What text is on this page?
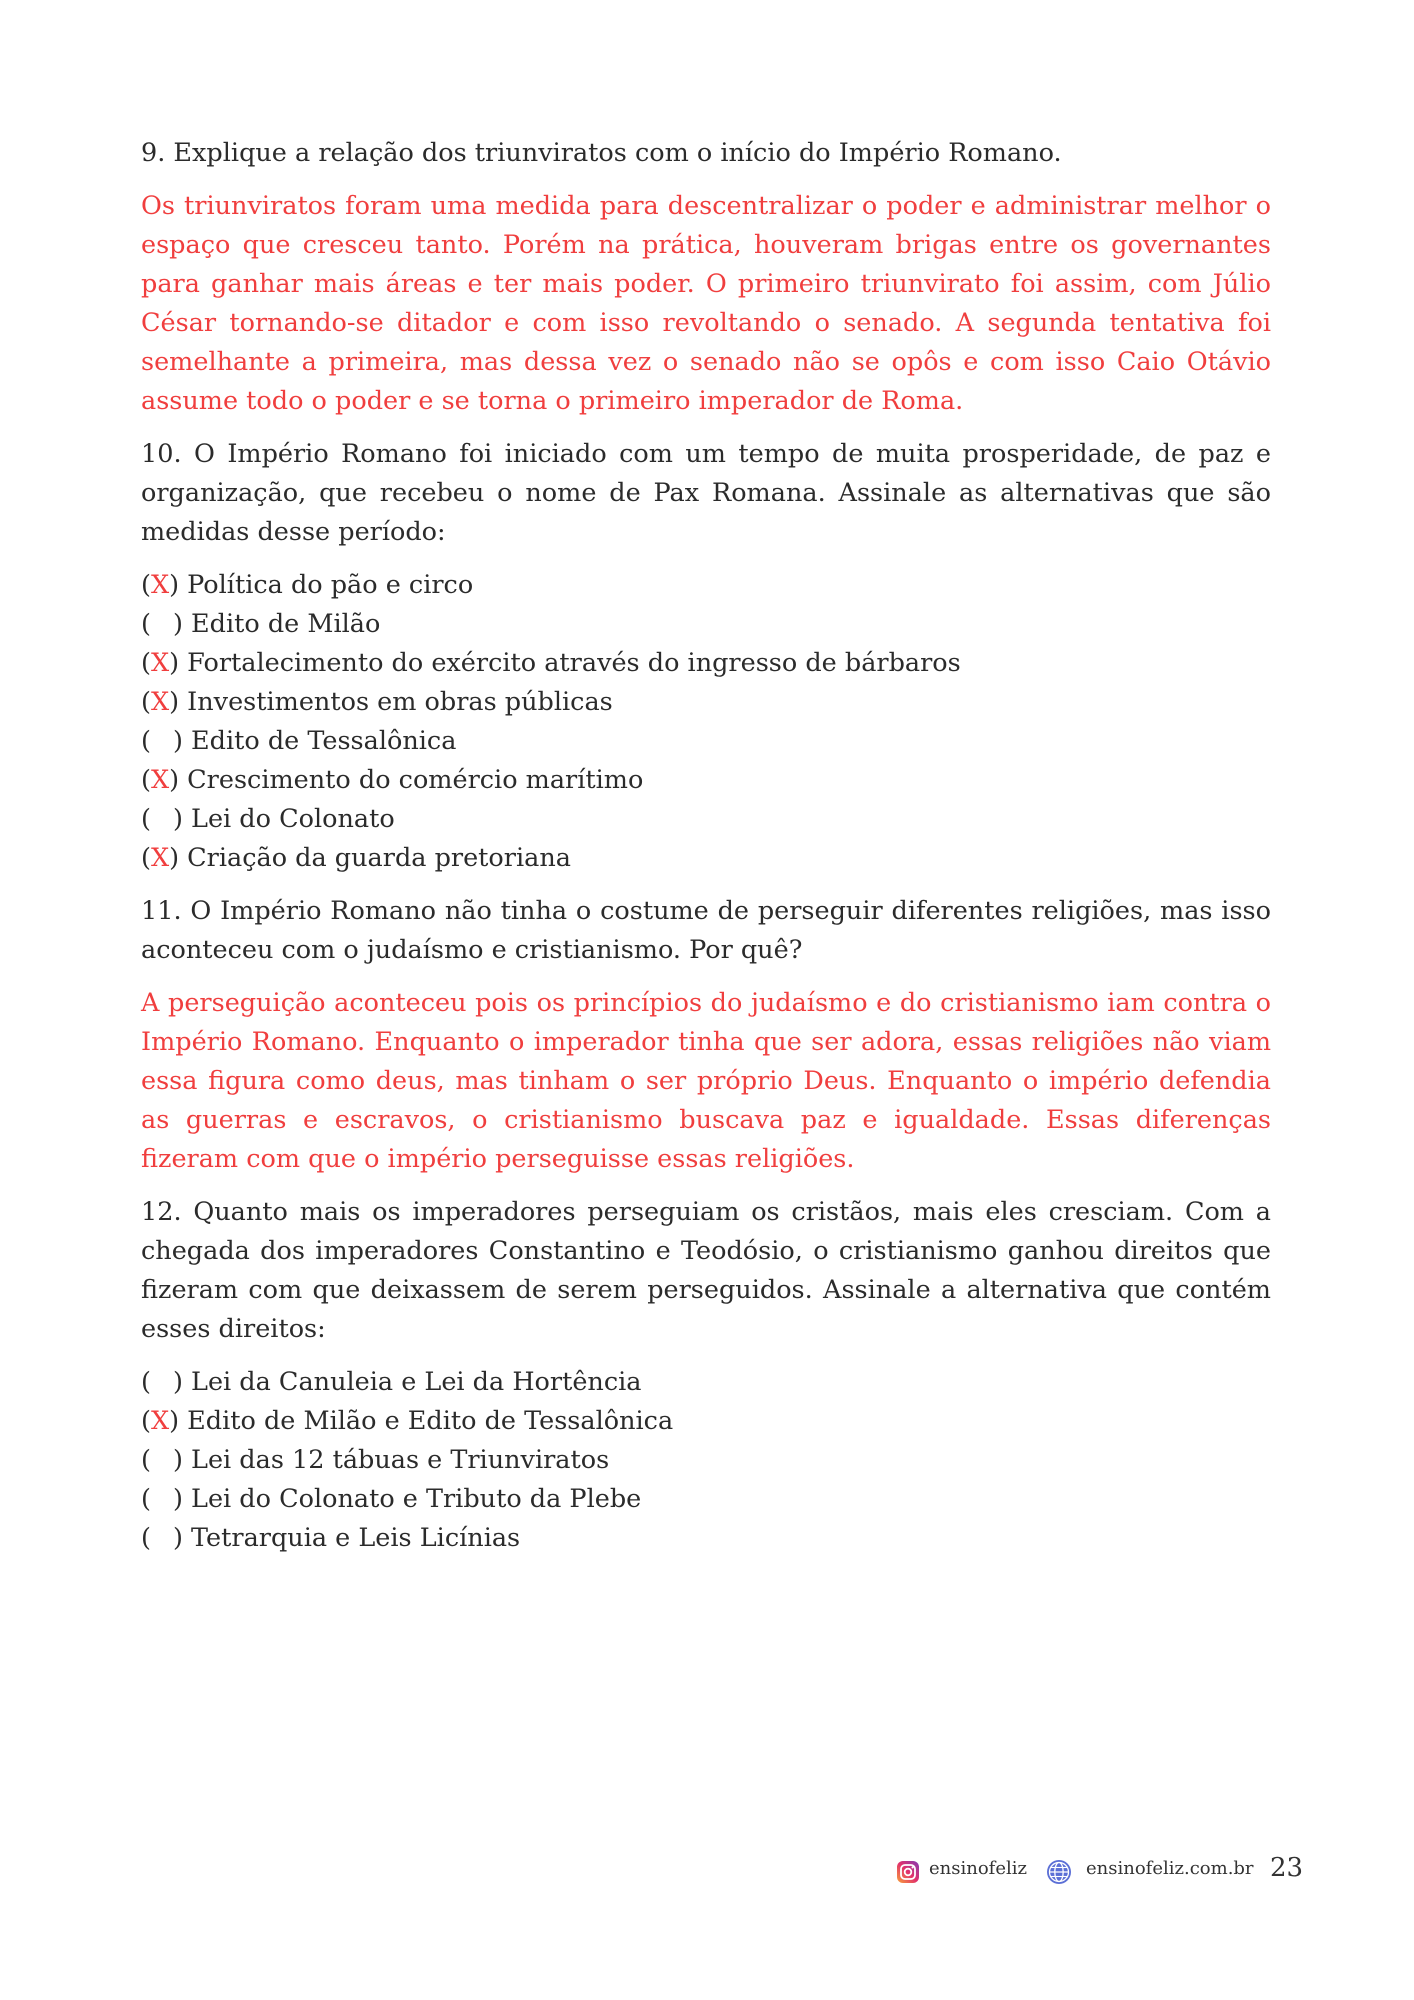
9. Explique a relação dos triunviratos com o início do Império Romano.

Os triunviratos foram uma medida para descentralizar o poder e administrar melhor o espaço que cresceu tanto. Porém na prática, houveram brigas entre os governantes para ganhar mais áreas e ter mais poder. O primeiro triunvirato foi assim, com Júlio César tornando-se ditador e com isso revoltando o senado. A segunda tentativa foi semelhante a primeira, mas dessa vez o senado não se opôs e com isso Caio Otávio assume todo o poder e se torna o primeiro imperador de Roma.

10. O Império Romano foi iniciado com um tempo de muita prosperidade, de paz e organização, que recebeu o nome de Pax Romana. Assinale as alternativas que são medidas desse período:

(X) Política do pão e circo
( ) Edito de Milão
(X) Fortalecimento do exército através do ingresso de bárbaros
(X) Investimentos em obras públicas
( ) Edito de Tessalônica
(X) Crescimento do comércio marítimo
( ) Lei do Colonato
(X) Criação da guarda pretoriana

11. O Império Romano não tinha o costume de perseguir diferentes religiões, mas isso aconteceu com o judaísmo e cristianismo. Por quê?

A perseguição aconteceu pois os princípios do judaísmo e do cristianismo iam contra o Império Romano. Enquanto o imperador tinha que ser adora, essas religiões não viam essa figura como deus, mas tinham o ser próprio Deus. Enquanto o império defendia as guerras e escravos, o cristianismo buscava paz e igualdade. Essas diferenças fizeram com que o império perseguisse essas religiões.

12. Quanto mais os imperadores perseguiam os cristãos, mais eles cresciam. Com a chegada dos imperadores Constantino e Teodósio, o cristianismo ganhou direitos que fizeram com que deixassem de serem perseguidos. Assinale a alternativa que contém esses direitos:

( ) Lei da Canuleia e Lei da Hortência
(X) Edito de Milão e Edito de Tessalônica
( ) Lei das 12 tábuas e Triunviratos
( ) Lei do Colonato e Tributo da Plebe
( ) Tetrarquia e Leis Licínias
ensinofeliz	ensinofeliz.com.br 23
